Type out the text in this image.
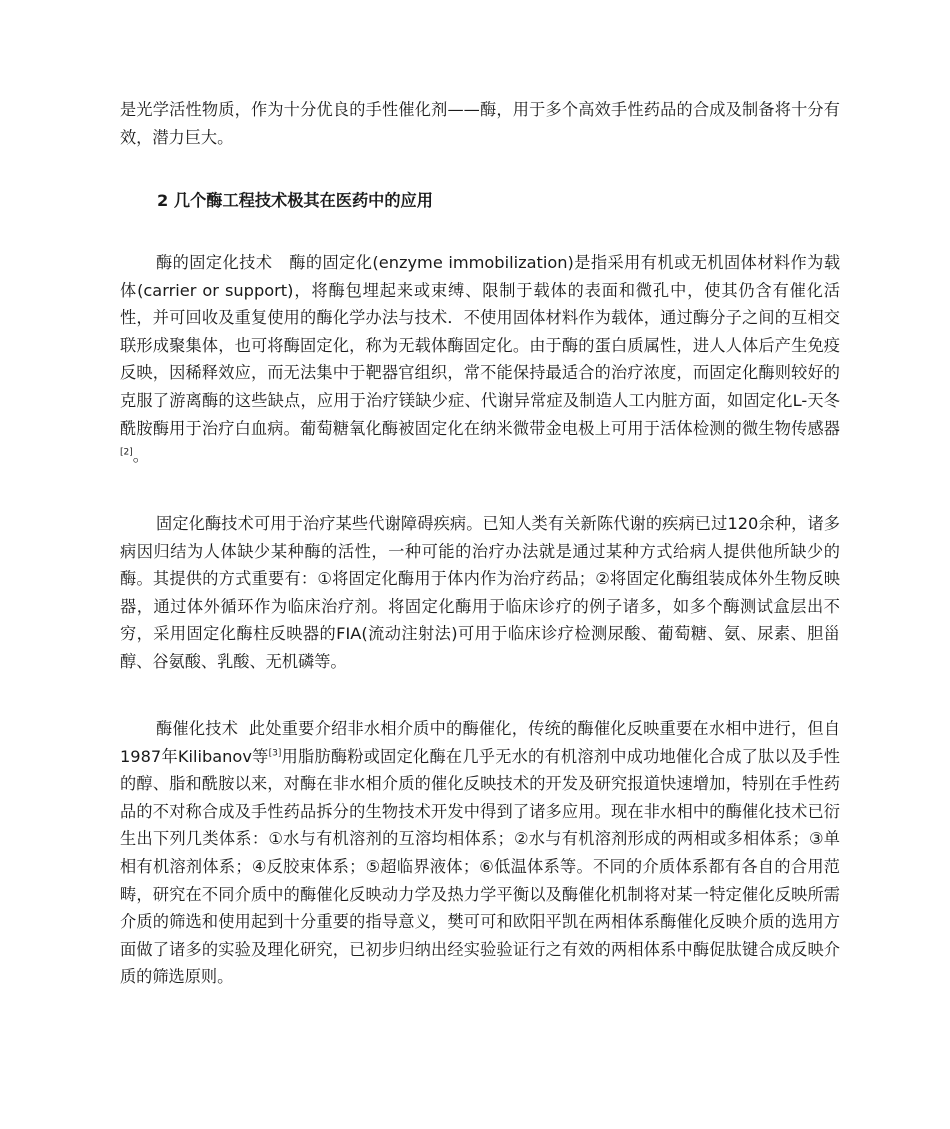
是光学活性物质，作为十分优良的手性催化剂——酶，用于多个高效手性药品的合成及制备将十分有效，潜力巨大。

2 几个酶工程技术极其在医药中的应用

酶的固定化技术   酶的固定化(enzyme immobilization)是指采用有机或无机固体材料作为载体(carrier or support)，将酶包埋起来或束缚、限制于载体的表面和微孔中，使其仍含有催化活性，并可回收及重复使用的酶化学办法与技术．不使用固体材料作为载体，通过酶分子之间的互相交联形成聚集体，也可将酶固定化，称为无载体酶固定化。由于酶的蛋白质属性，进人人体后产生免疫反映，因稀释效应，而无法集中于靶器官组织，常不能保持最适合的治疗浓度，而固定化酶则较好的克服了游离酶的这些缺点，应用于治疗镁缺少症、代谢异常症及制造人工内脏方面，如固定化L-天冬酰胺酶用于治疗白血病。葡萄糖氧化酶被固定化在纳米微带金电极上可用于活体检测的微生物传感器[2]。

固定化酶技术可用于治疗某些代谢障碍疾病。已知人类有关新陈代谢的疾病已过120余种，诸多病因归结为人体缺少某种酶的活性，一种可能的治疗办法就是通过某种方式给病人提供他所缺少的酶。其提供的方式重要有：①将固定化酶用于体内作为治疗药品；②将固定化酶组装成体外生物反映器，通过体外循环作为临床治疗剂。将固定化酶用于临床诊疗的例子诸多，如多个酶测试盒层出不穷，采用固定化酶柱反映器的FIA(流动注射法)可用于临床诊疗检测尿酸、葡萄糖、氨、尿素、胆甾醇、谷氨酸、乳酸、无机磷等。

酶催化技术  此处重要介绍非水相介质中的酶催化，传统的酶催化反映重要在水相中进行，但自1987年Kilibanov等[3]用脂肪酶粉或固定化酶在几乎无水的有机溶剂中成功地催化合成了肽以及手性的醇、脂和酰胺以来，对酶在非水相介质的催化反映技术的开发及研究报道快速增加，特别在手性药品的不对称合成及手性药品拆分的生物技术开发中得到了诸多应用。现在非水相中的酶催化技术已衍生出下列几类体系：①水与有机溶剂的互溶均相体系；②水与有机溶剂形成的两相或多相体系；③单相有机溶剂体系；④反胶束体系；⑤超临界液体；⑥低温体系等。不同的介质体系都有各自的合用范畴，研究在不同介质中的酶催化反映动力学及热力学平衡以及酶催化机制将对某一特定催化反映所需介质的筛选和使用起到十分重要的指导意义，樊可可和欧阳平凯在两相体系酶催化反映介质的选用方面做了诸多的实验及理化研究，已初步归纳出经实验验证行之有效的两相体系中酶促肽键合成反映介质的筛选原则。
